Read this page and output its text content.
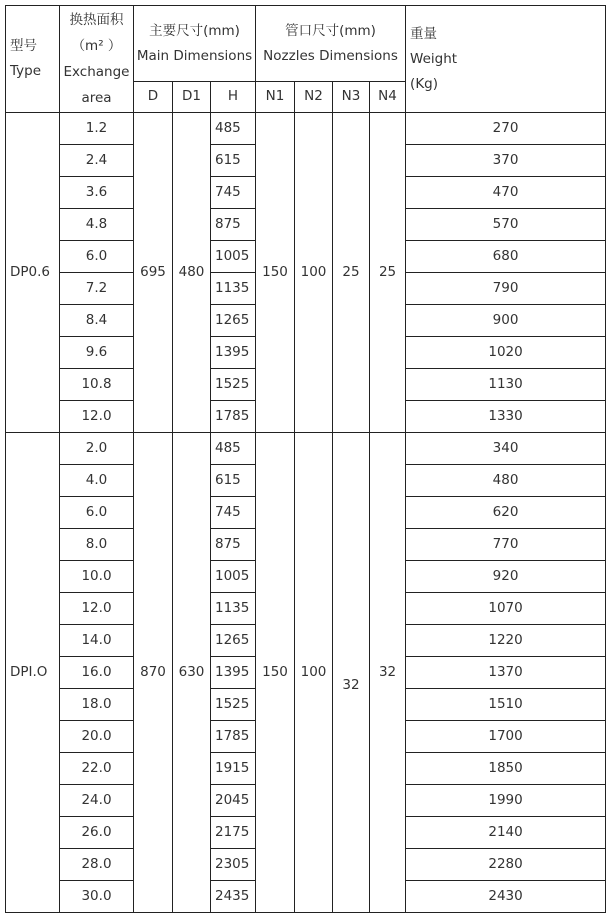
型号
Type	换热面积
（m² ）
Exchange
area	主要尺寸(mm)
Main Dimensions			管口尺寸(mm)
Nozzles Dimensions				重量
Weight
(Kg)

		D	D1	H	N1	N2	N3	N4	
DP0.6	1.2	695	480	485	150	100	25	25	270
	2.4			615					370
	3.6			745					470
	4.8			875					570
	6.0			1005					680
	7.2			1135					790
	8.4			1265					900
	9.6			1395					1020
	10.8			1525					1130
	12.0			1785					1330
DPI.O	2.0	870	630	485	150	100	32	32	340
	4.0			615					480
	6.0			745					620
	8.0			875					770
	10.0			1005					920
	12.0			1135					1070
	14.0			1265					1220
	16.0			1395					1370
	18.0			1525					1510
	20.0			1785					1700
	22.0			1915					1850
	24.0			2045					1990
	26.0			2175					2140
	28.0			2305					2280
	30.0			2435					2430
